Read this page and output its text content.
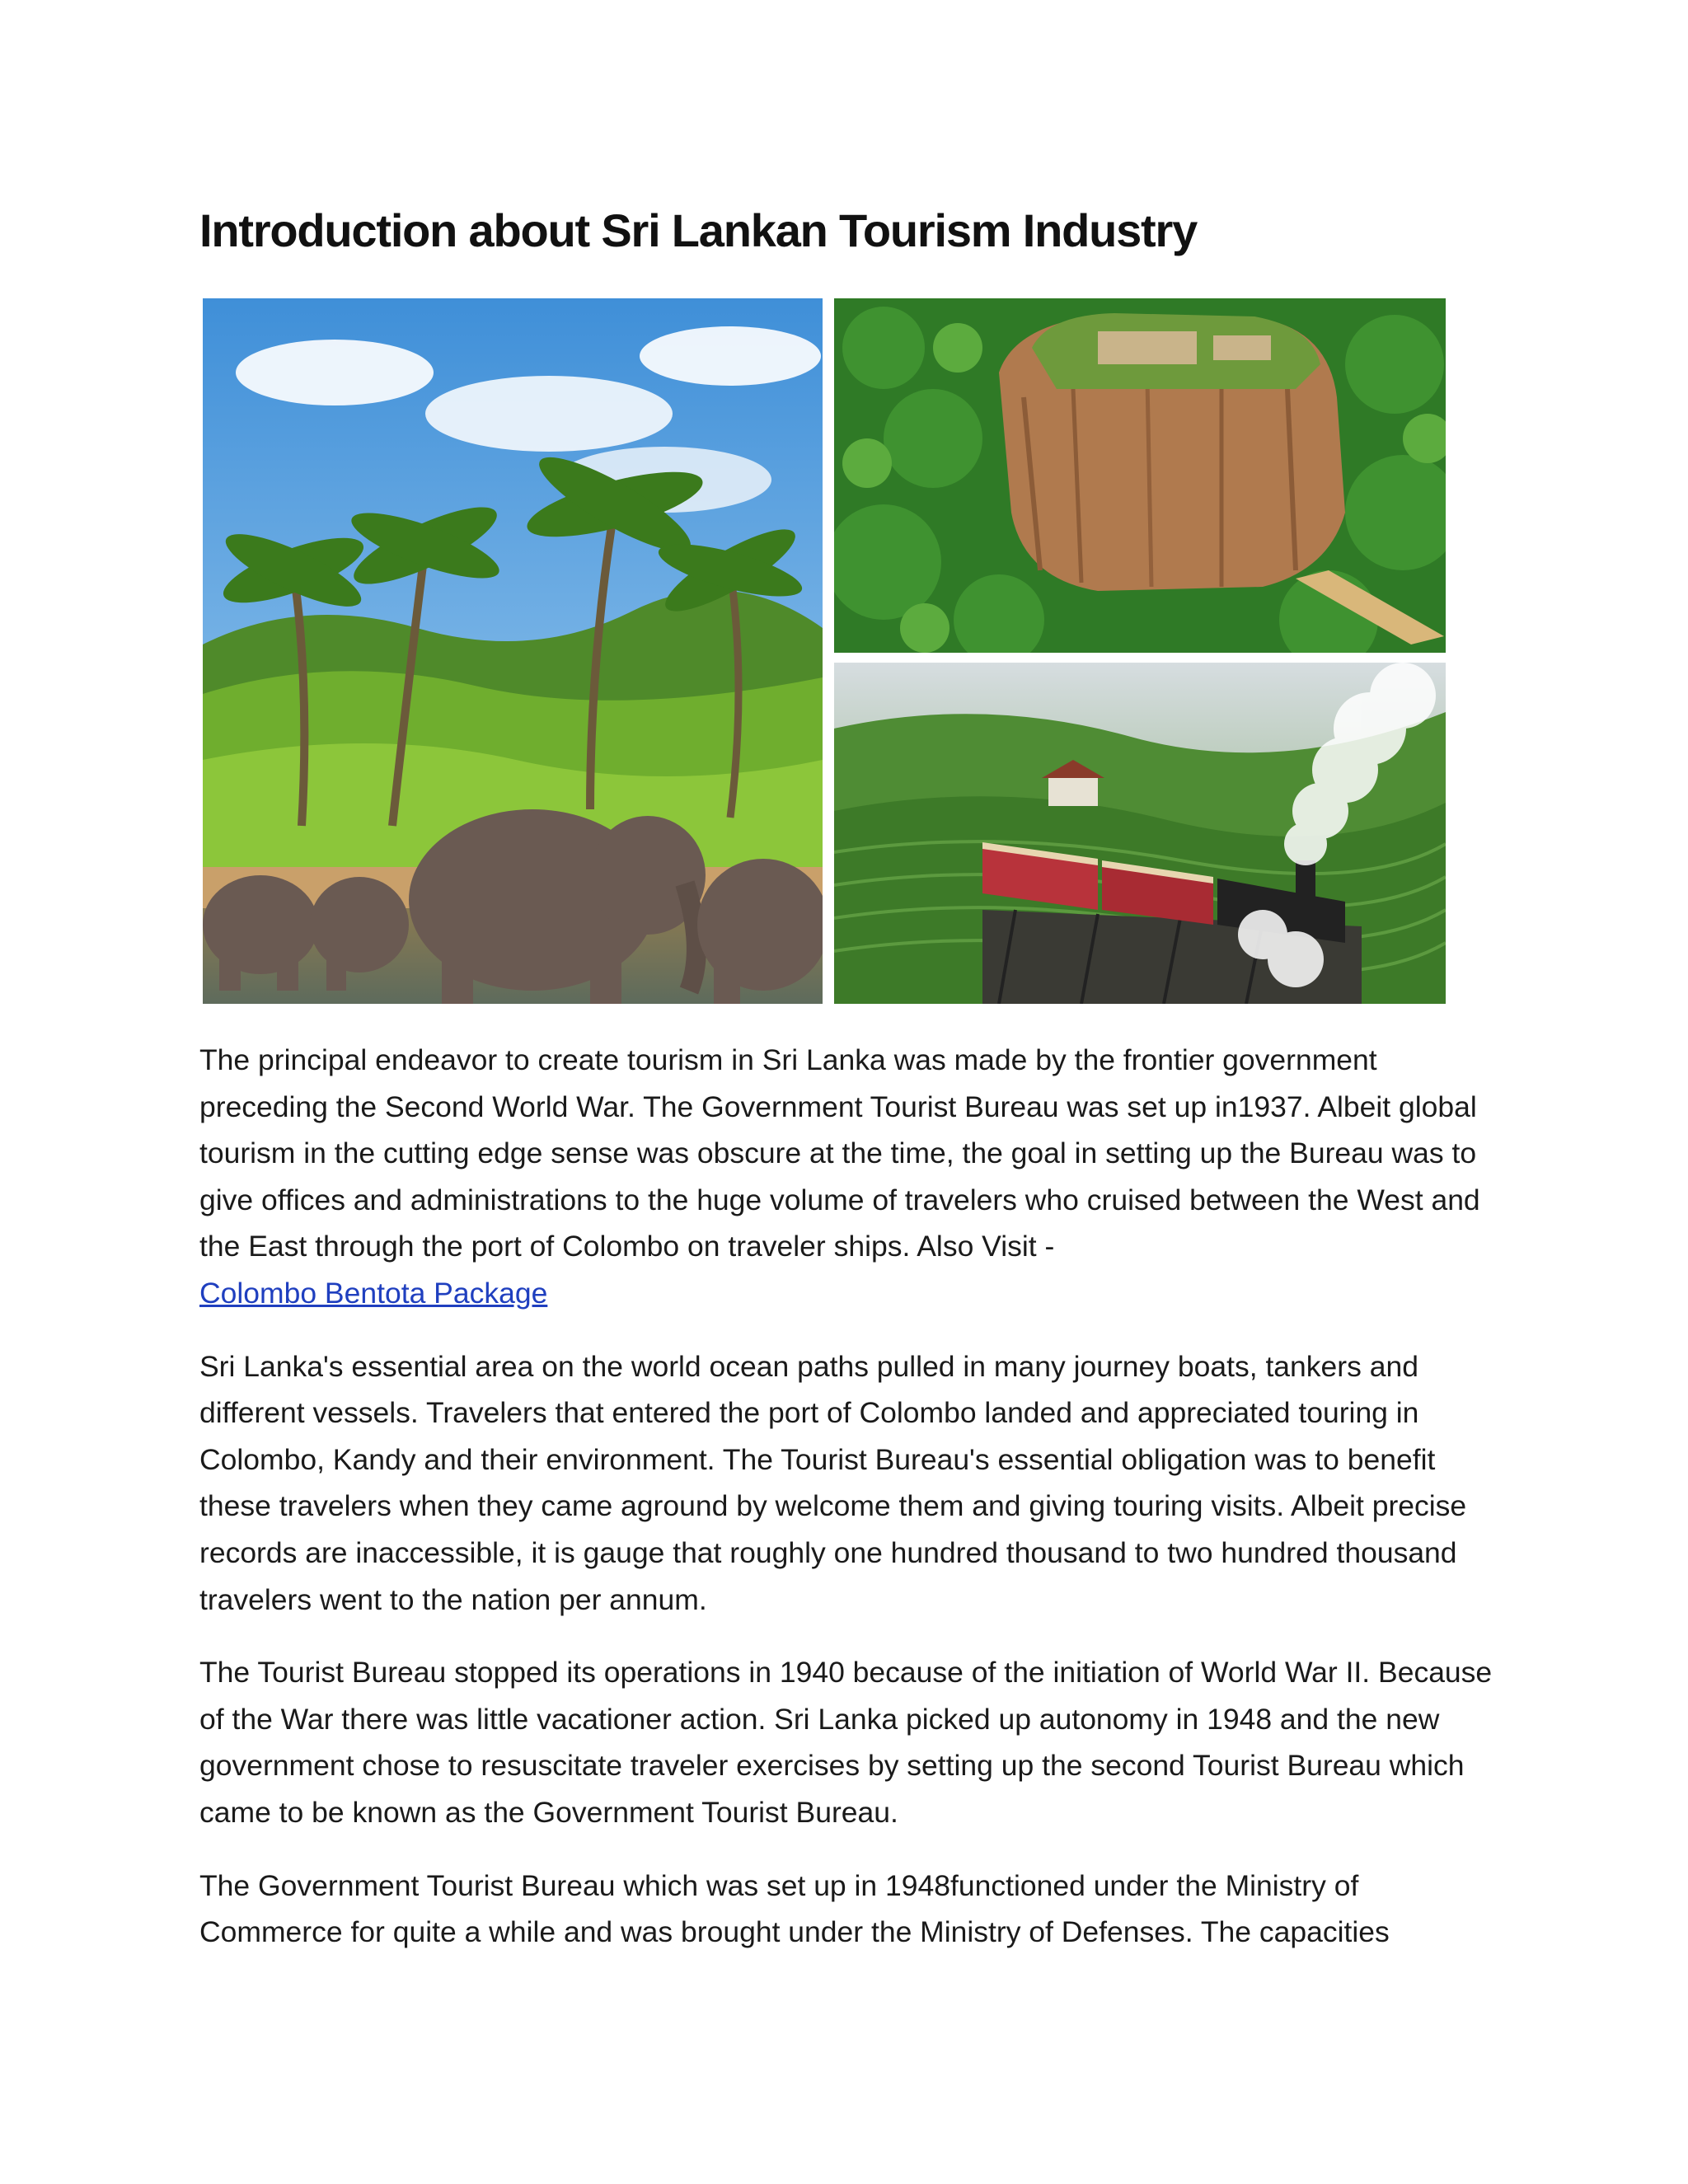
Introduction about Sri Lankan Tourism Industry

The principal endeavor to create tourism in Sri Lanka was made by the frontier government preceding the Second World War. The Government Tourist Bureau was set up in1937. Albeit global tourism in the cutting edge sense was obscure at the time, the goal in setting up the Bureau was to give offices and administrations to the huge volume of travelers who cruised between the West and the East through the port of Colombo on traveler ships. Also Visit -
Colombo Bentota Package

Sri Lanka's essential area on the world ocean paths pulled in many journey boats, tankers and different vessels. Travelers that entered the port of Colombo landed and appreciated touring in Colombo, Kandy and their environment. The Tourist Bureau's essential obligation was to benefit these travelers when they came aground by welcome them and giving touring visits. Albeit precise records are inaccessible, it is gauge that roughly one hundred thousand to two hundred thousand travelers went to the nation per annum.

The Tourist Bureau stopped its operations in 1940 because of the initiation of World War II. Because of the War there was little vacationer action. Sri Lanka picked up autonomy in 1948 and the new government chose to resuscitate traveler exercises by setting up the second Tourist Bureau which came to be known as the Government Tourist Bureau.

The Government Tourist Bureau which was set up in 1948functioned under the Ministry of Commerce for quite a while and was brought under the Ministry of Defenses. The capacities
